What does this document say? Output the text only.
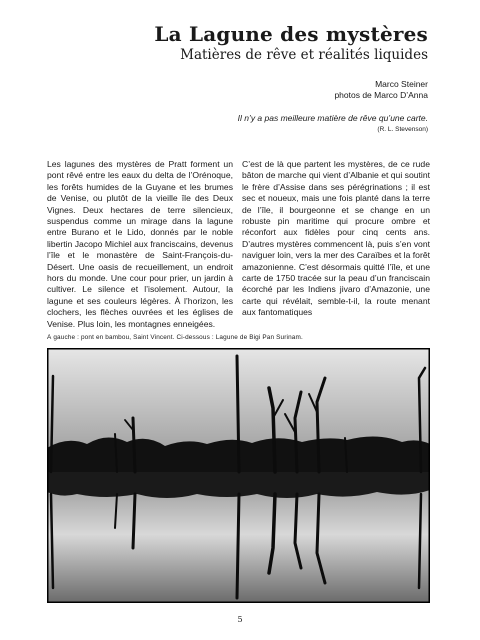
La Lagune des mystères
Matières de rêve et réalités liquides
Marco Steiner
photos de Marco D’Anna
Il n’y a pas meilleure matière de rêve qu’une carte.
(R. L. Stevenson)
Les lagunes des mystères de Pratt forment un pont rêvé entre les eaux du delta de l’Orénoque, les forêts humides de la Guyane et les brumes de Venise, ou plutôt de la vieille île des Deux Vignes. Deux hectares de terre silencieux, suspendus comme un mirage dans la lagune entre Burano et le Lido, donnés par le noble libertin Jacopo Michiel aux franciscains, devenus l’île et le monastère de Saint-François-du-Désert. Une oasis de recueillement, un endroit hors du monde. Une cour pour prier, un jardin à cultiver. Le silence et l’isolement. Autour, la lagune et ses couleurs légères. À l’horizon, les clochers, les flèches ouvrées et les églises de Venise. Plus loin, les montagnes enneigées.
C’est de là que partent les mystères, de ce rude bâton de marche qui vient d’Albanie et qui soutint le frère d’Assise dans ses pérégrinations ; il est sec et noueux, mais une fois planté dans la terre de l’île, il bourgeonne et se change en un robuste pin maritime qui procure ombre et réconfort aux fidèles pour cinq cents ans. D’autres mystères commencent là, puis s’en vont naviguer loin, vers la mer des Caraïbes et la forêt amazonienne. C’est désormais quitté l’île, et une carte de 1750 tracée sur la peau d’un franciscain écorché par les Indiens jivaro d’Amazonie, une carte qui révélait, semble-t-il, la route menant aux fantomatiques
À gauche : pont en bambou, Saint Vincent. Ci-dessous : Lagune de Bigi Pan Surinam.
5
